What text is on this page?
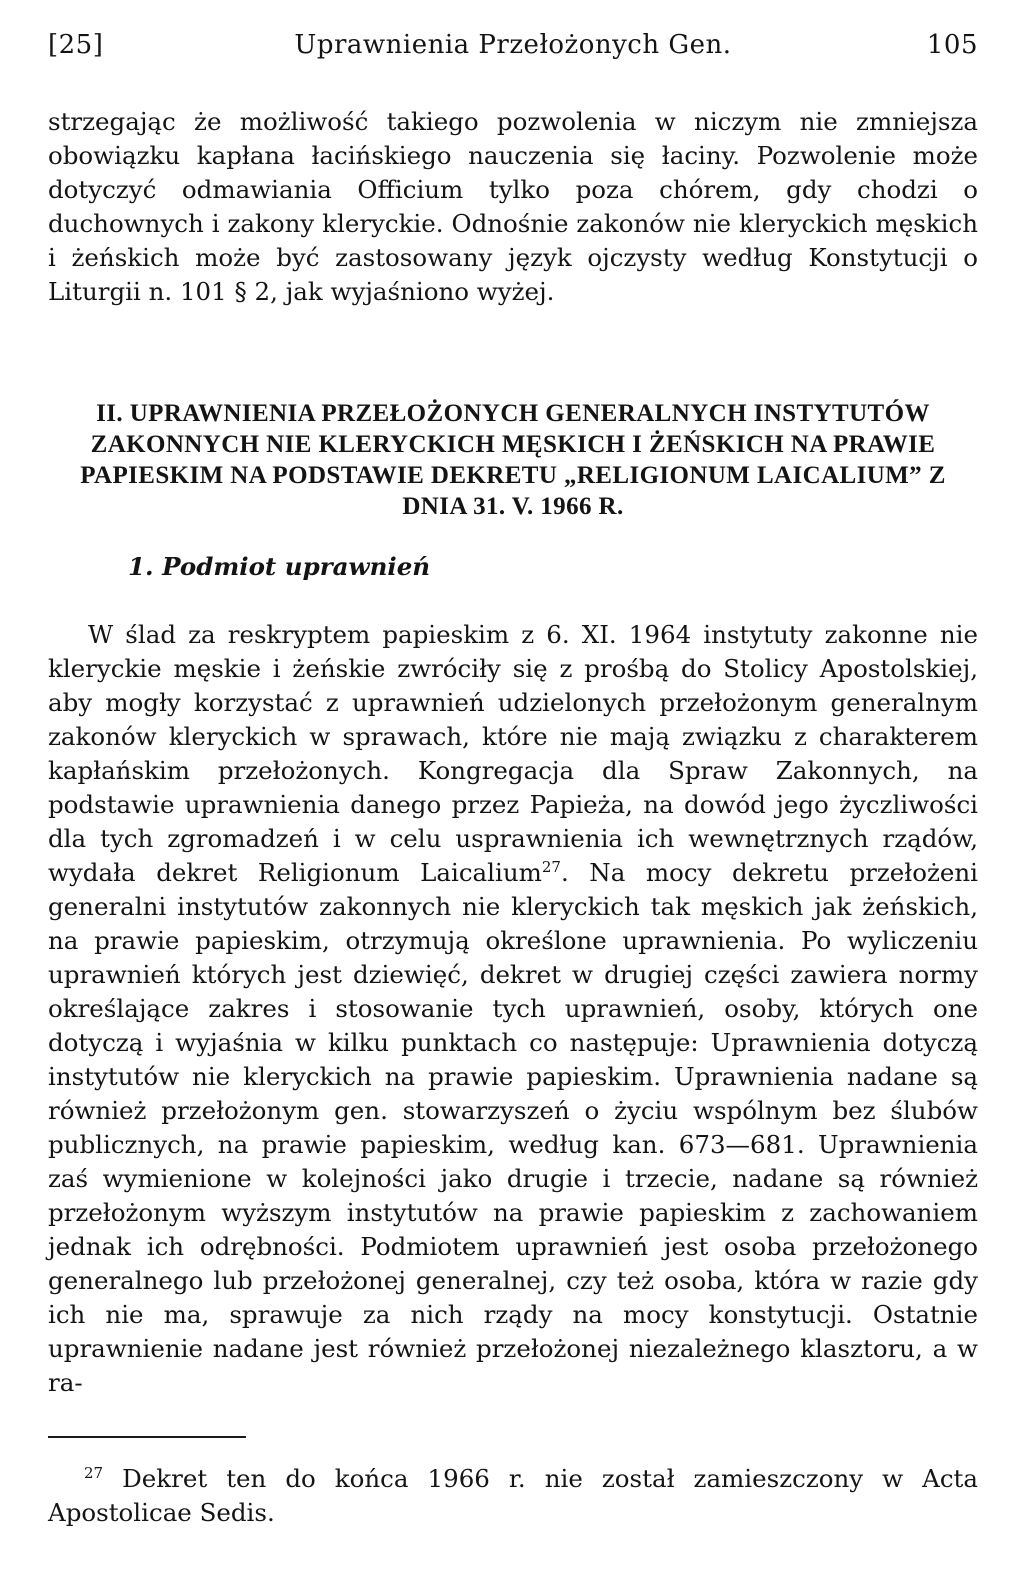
[25]	Uprawnienia Przełożonych Gen.	105

strzegając że możliwość takiego pozwolenia w niczym nie zmniejsza obowiązku kapłana łacińskiego nauczenia się łaciny. Pozwolenie może dotyczyć odmawiania Officium tylko poza chórem, gdy chodzi o duchownych i zakony kleryckie. Odnośnie zakonów nie kleryckich męskich i żeńskich może być zastosowany język ojczysty według Konstytucji o Liturgii n. 101 § 2, jak wyjaśniono wyżej.

II. UPRAWNIENIA PRZEŁOŻONYCH GENERALNYCH INSTYTUTÓW ZAKONNYCH NIE KLERYCKICH MĘSKICH I ŻEŃSKICH NA PRAWIE PAPIESKIM NA PODSTAWIE DEKRETU „RELIGIONUM LAICALIUM” Z DNIA 31. V. 1966 R.
1. Podmiot uprawnień

W ślad za reskryptem papieskim z 6. XI. 1964 instytuty zakonne nie kleryckie męskie i żeńskie zwróciły się z prośbą do Stolicy Apostolskiej, aby mogły korzystać z uprawnień udzielonych przełożonym generalnym zakonów kleryckich w sprawach, które nie mają związku z charakterem kapłańskim przełożonych. Kongregacja dla Spraw Zakonnych, na podstawie uprawnienia danego przez Papieża, na dowód jego życzliwości dla tych zgromadzeń i w celu usprawnienia ich wewnętrznych rządów, wydała dekret Religionum Laicalium$^{27}$. Na mocy dekretu przełożeni generalni instytutów zakonnych nie kleryckich tak męskich jak żeńskich, na prawie papieskim, otrzymują określone uprawnienia. Po wyliczeniu uprawnień których jest dziewięć, dekret w drugiej części zawiera normy określające zakres i stosowanie tych uprawnień, osoby, których one dotyczą i wyjaśnia w kilku punktach co następuje: Uprawnienia dotyczą instytutów nie kleryckich na prawie papieskim. Uprawnienia nadane są również przełożonym gen. stowarzyszeń o życiu wspólnym bez ślubów publicznych, na prawie papieskim, według kan. 673—681. Uprawnienia zaś wymienione w kolejności jako drugie i trzecie, nadane są również przełożonym wyższym instytutów na prawie papieskim z zachowaniem jednak ich odrębności. Podmiotem uprawnień jest osoba przełożonego generalnego lub przełożonej generalnej, czy też osoba, która w razie gdy ich nie ma, sprawuje za nich rządy na mocy konstytucji. Ostatnie uprawnienie nadane jest również przełożonej niezależnego klasztoru, a w ra-

$^{27}$ Dekret ten do końca 1966 r. nie został zamieszczony w Acta Apostolicae Sedis.
